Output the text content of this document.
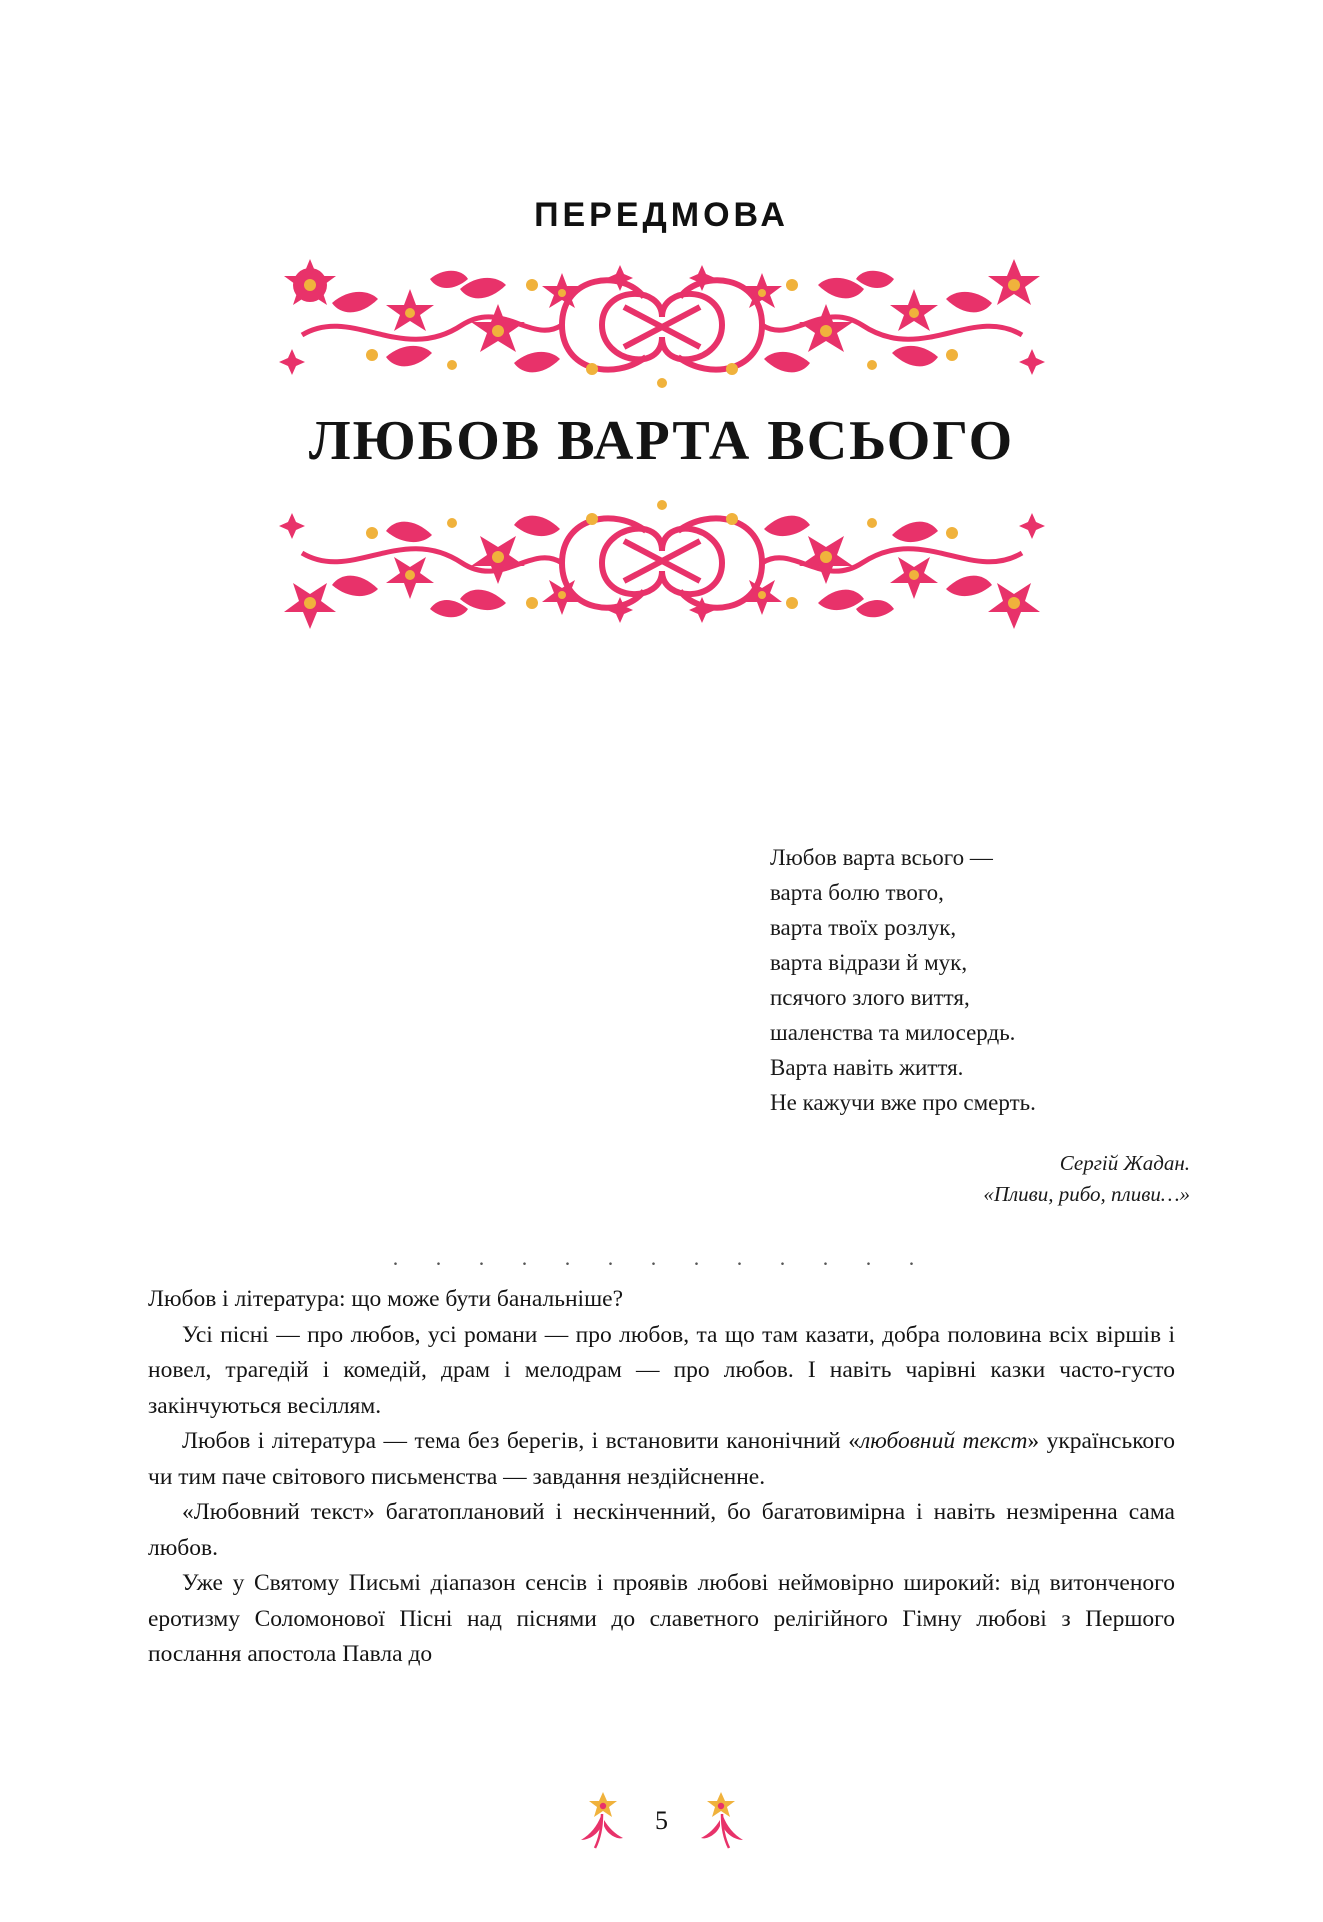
ПЕРЕДМОВА
ЛЮБОВ ВАРТА ВСЬОГО
Любов варта всього —
варта болю твого,
варта твоїх розлук,
варта відрази й мук,
псячого злого виття,
шаленства та милосердь.
Варта навіть життя.
Не кажучи вже про смерть.
Сергій Жадан.
«Пливи, рибо, пливи…»
. . . . . . . . . . . . .

Любов і література: що може бути банальніше?

Усі пісні — про любов, усі романи — про любов, та що там казати, добра половина всіх віршів і новел, трагедій і комедій, драм і мелодрам — про любов. І навіть чарівні казки часто-густо закінчуються весіллям.

Любов і література — тема без берегів, і встановити канонічний «любовний текст» українського чи тим паче світового письменства — завдання нездійсненне.

«Любовний текст» багатоплановий і нескінченний, бо багатовимірна і навіть незміренна сама любов.

Уже у Святому Письмі діапазон сенсів і проявів любові неймовірно широкий: від витонченого еротизму Соломонової Пісні над піснями до славетного релігійного Гімну любові з Першого послання апостола Павла до

5
